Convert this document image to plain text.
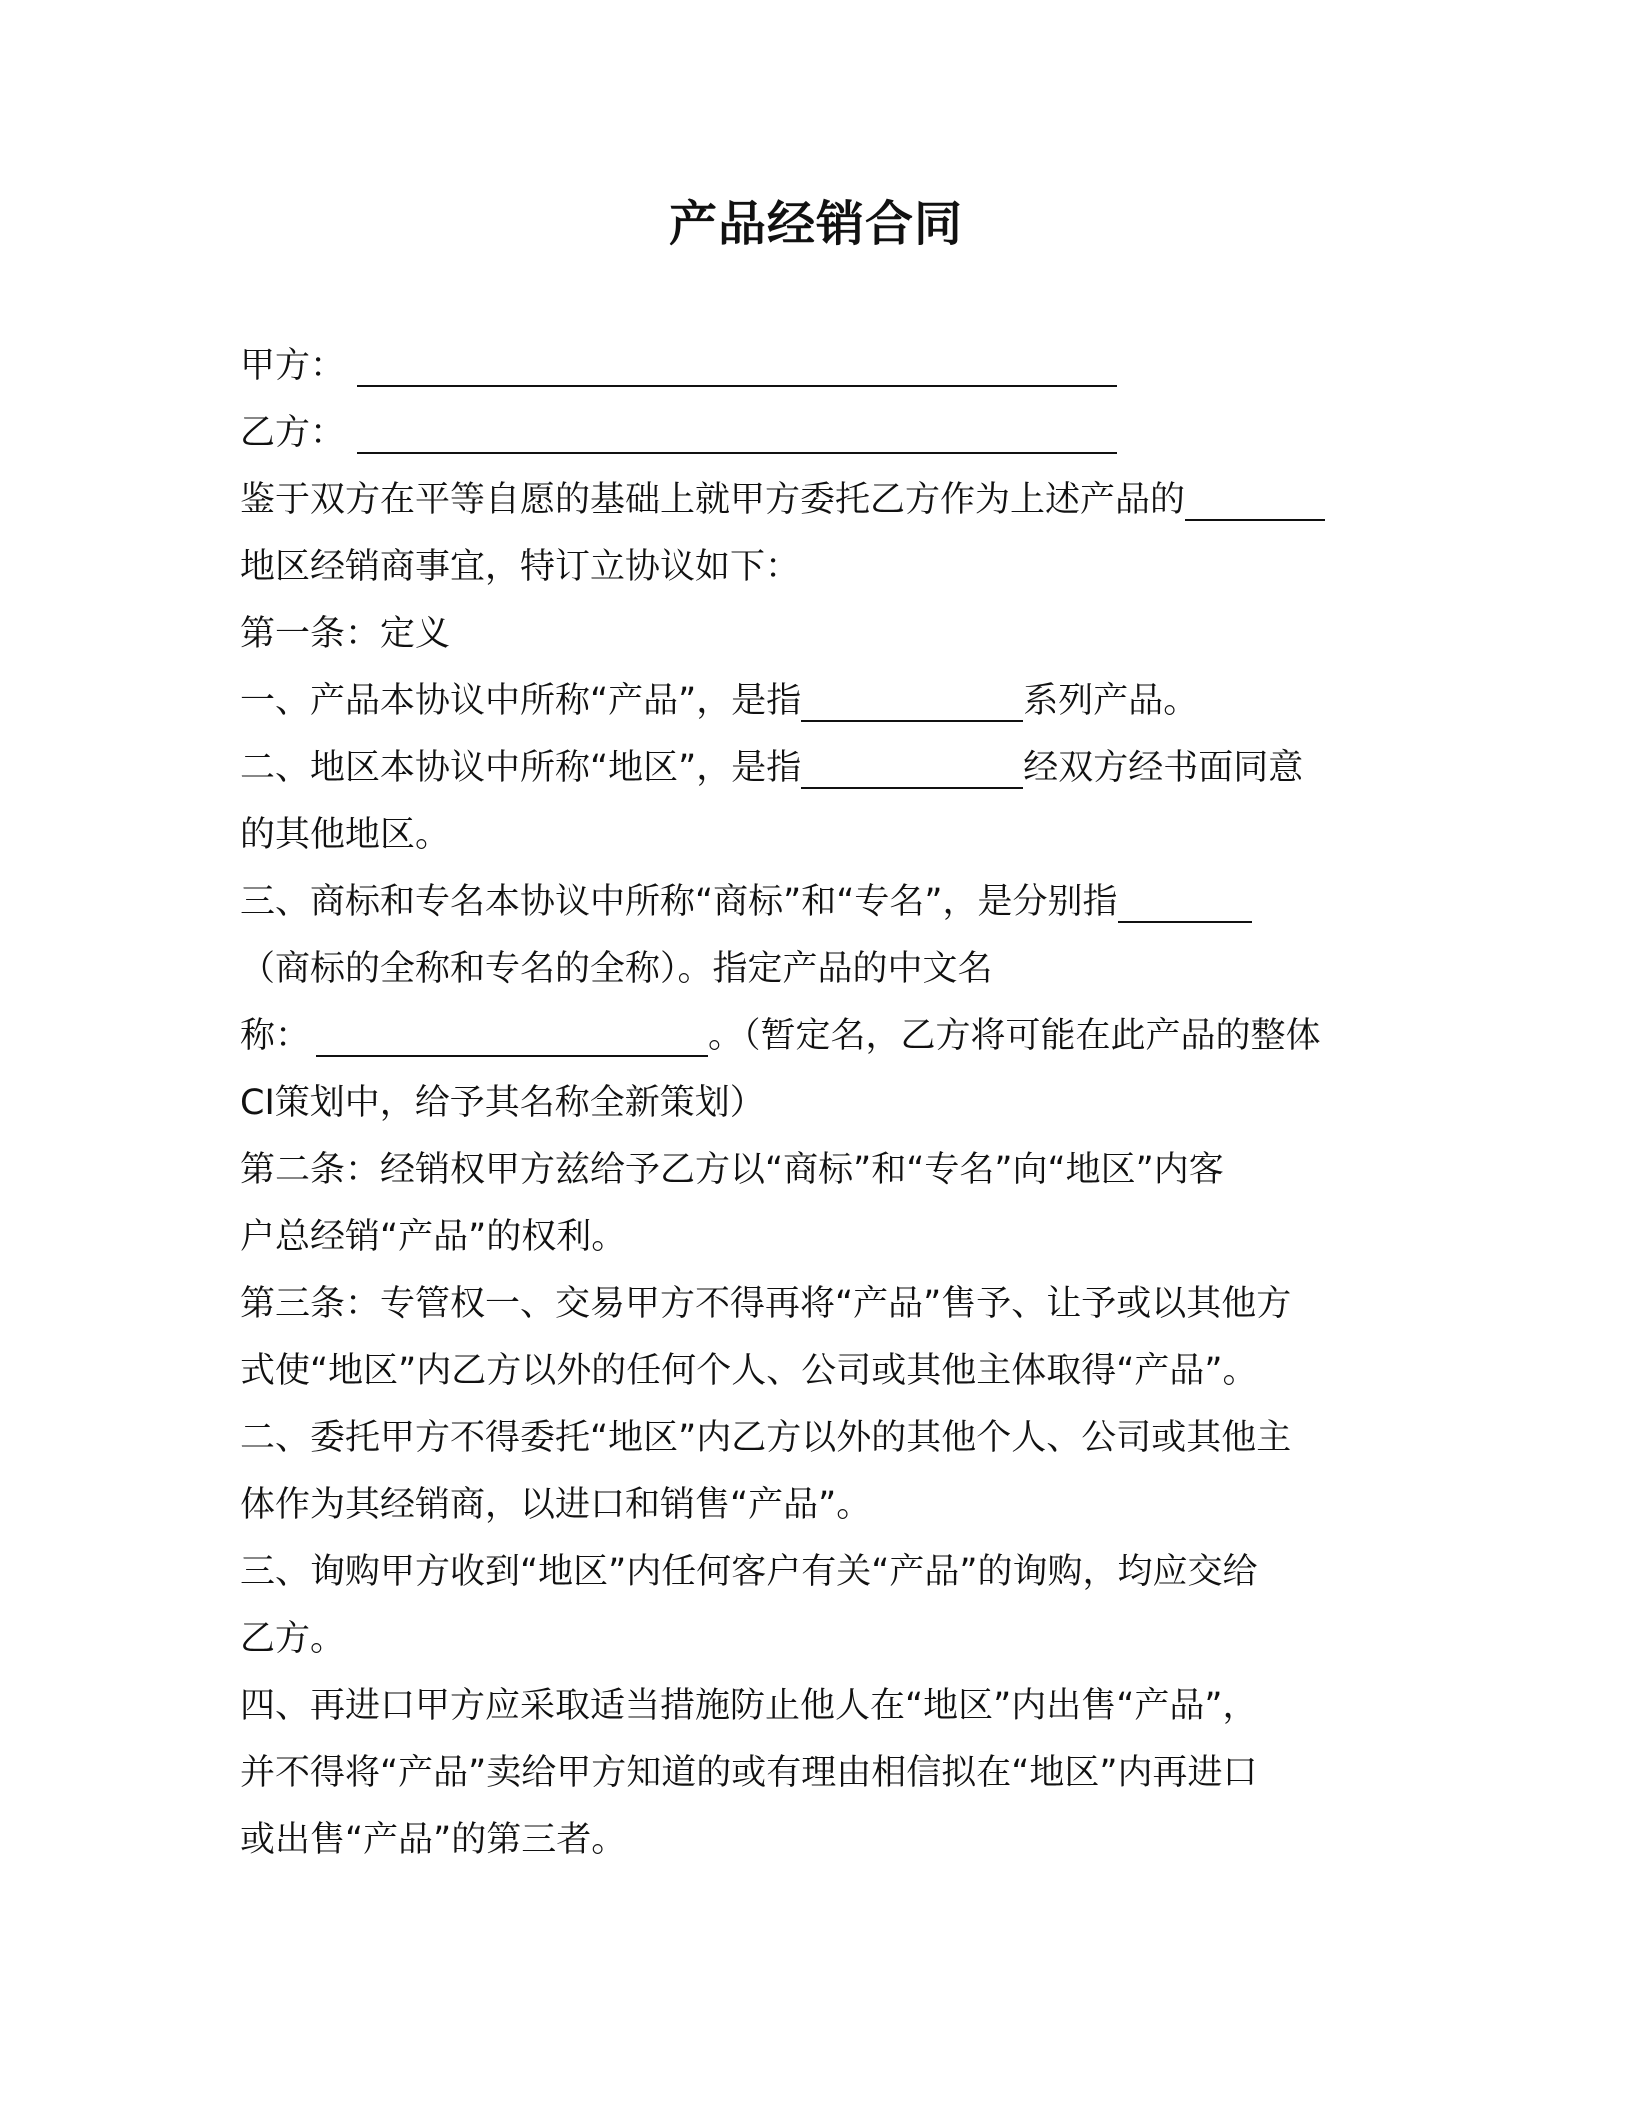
产品经销合同
甲方：
乙方：
鉴于双方在平等自愿的基础上就甲方委托乙方作为上述产品的
地区经销商事宜，特订立协议如下：
第一条：定义
一、产品本协议中所称“产品”，是指	系列产品。
二、地区本协议中所称“地区”，是指	经双方经书面同意
的其他地区。
三、商标和专名本协议中所称“商标”和“专名”，是分别指
（商标的全称和专名的全称）。指定产品的中文名
称：	。（暂定名，乙方将可能在此产品的整体
CI策划中，给予其名称全新策划）
第二条：经销权甲方兹给予乙方以“商标”和“专名”向“地区”内客
户总经销“产品”的权利。
第三条：专管权一、交易甲方不得再将“产品”售予、让予或以其他方
式使“地区”内乙方以外的任何个人、公司或其他主体取得“产品”。
二、委托甲方不得委托“地区”内乙方以外的其他个人、公司或其他主
体作为其经销商，以进口和销售“产品”。
三、询购甲方收到“地区”内任何客户有关“产品”的询购，均应交给
乙方。
四、再进口甲方应采取适当措施防止他人在“地区”内出售“产品”，
并不得将“产品”卖给甲方知道的或有理由相信拟在“地区”内再进口
或出售“产品”的第三者。
